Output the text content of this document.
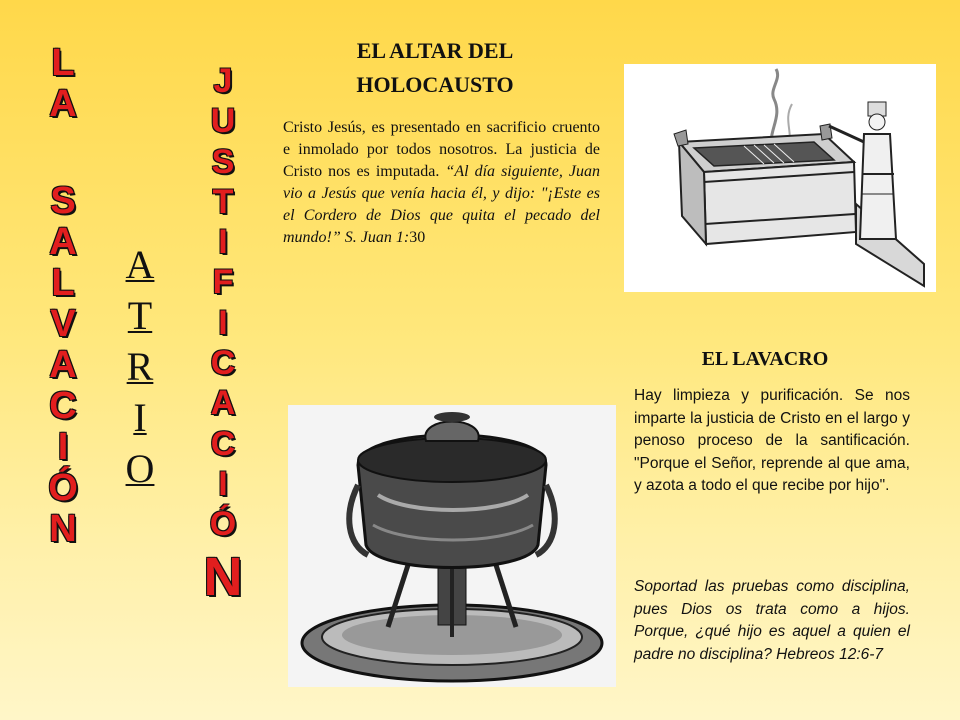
L
A
S
A
L
V
A
C
I
Ó
N
A
T
R
I
O
J
U
S
T
I
F
I
C
A
C
I
Ó
N
EL ALTAR DEL HOLOCAUSTO
Cristo Jesús, es presentado en sacrificio cruento e inmolado por todos nosotros. La justicia de Cristo nos es imputada. “Al día siguiente, Juan vio a Jesús que venía hacia él, y dijo: "¡Este es el Cordero de Dios que quita el pecado del mundo!” S. Juan 1:30
EL LAVACRO
Hay limpieza y purificación. Se nos imparte la justicia de Cristo en el largo y penoso proceso de la santificación. "Porque el Señor, reprende al que ama, y azota a todo el que recibe por hijo".
Soportad las pruebas como disciplina, pues Dios os trata como a hijos. Porque, ¿qué hijo es aquel a quien el padre no disciplina? Hebreos 12:6-7
